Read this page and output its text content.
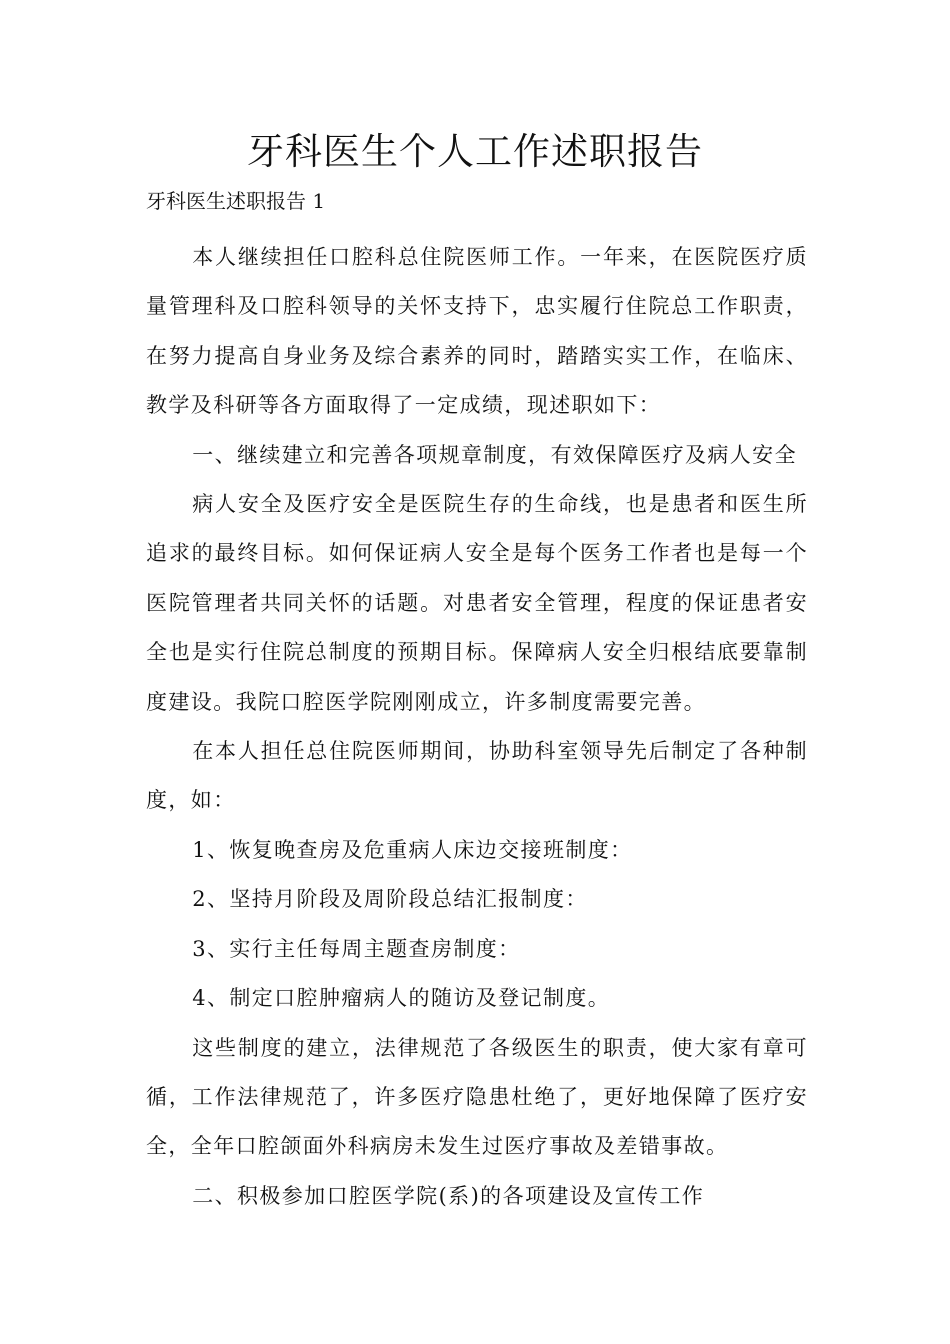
牙科医生个人工作述职报告

牙科医生述职报告 1

本人继续担任口腔科总住院医师工作。一年来，在医院医疗质量管理科及口腔科领导的关怀支持下，忠实履行住院总工作职责，在努力提高自身业务及综合素养的同时，踏踏实实工作，在临床、教学及科研等各方面取得了一定成绩，现述职如下：

一、继续建立和完善各项规章制度，有效保障医疗及病人安全

病人安全及医疗安全是医院生存的生命线，也是患者和医生所追求的最终目标。如何保证病人安全是每个医务工作者也是每一个医院管理者共同关怀的话题。对患者安全管理，程度的保证患者安全也是实行住院总制度的预期目标。保障病人安全归根结底要靠制度建设。我院口腔医学院刚刚成立，许多制度需要完善。

在本人担任总住院医师期间，协助科室领导先后制定了各种制度，如：

1、恢复晚查房及危重病人床边交接班制度：

2、坚持月阶段及周阶段总结汇报制度：

3、实行主任每周主题查房制度：

4、制定口腔肿瘤病人的随访及登记制度。

这些制度的建立，法律规范了各级医生的职责，使大家有章可循，工作法律规范了，许多医疗隐患杜绝了，更好地保障了医疗安全，全年口腔颌面外科病房未发生过医疗事故及差错事故。

二、积极参加口腔医学院(系)的各项建设及宣传工作
